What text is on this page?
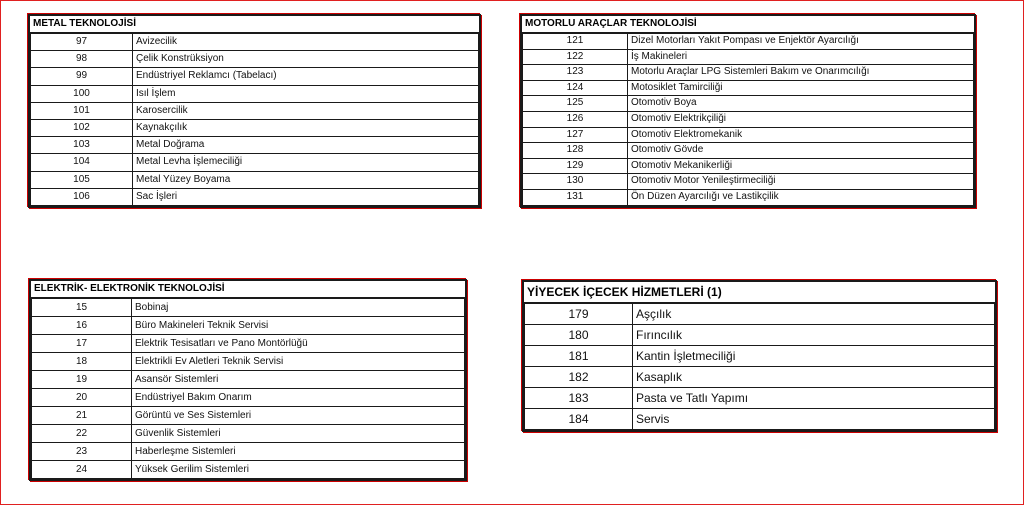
METAL TEKNOLOJİSİ
97	Avizecilik
98	Çelik Konstrüksiyon
99	Endüstriyel Reklamcı (Tabelacı)
100	Isıl İşlem
101	Karosercilik
102	Kaynakçılık
103	Metal Doğrama
104	Metal Levha İşlemeciliği
105	Metal Yüzey Boyama
106	Sac İşleri
MOTORLU ARAÇLAR TEKNOLOJİSİ
121	Dizel Motorları Yakıt Pompası ve Enjektör Ayarcılığı
122	İş Makineleri
123	Motorlu Araçlar LPG Sistemleri Bakım ve Onarımcılığı
124	Motosiklet Tamirciliği
125	Otomotiv Boya
126	Otomotiv Elektrikçiliği
127	Otomotiv Elektromekanik
128	Otomotiv Gövde
129	Otomotiv Mekanikerliği
130	Otomotiv Motor Yenileştirmeciliği
131	Ön Düzen Ayarcılığı ve Lastikçilik
ELEKTRİK- ELEKTRONİK TEKNOLOJİSİ
15	Bobinaj
16	Büro Makineleri Teknik Servisi
17	Elektrik Tesisatları ve Pano Montörlüğü
18	Elektrikli Ev Aletleri Teknik Servisi
19	Asansör Sistemleri
20	Endüstriyel Bakım Onarım
21	Görüntü ve Ses Sistemleri
22	Güvenlik Sistemleri
23	Haberleşme Sistemleri
24	Yüksek Gerilim Sistemleri
YİYECEK İÇECEK HİZMETLERİ (1)
179	Aşçılık
180	Fırıncılık
181	Kantin İşletmeciliği
182	Kasaplık
183	Pasta ve Tatlı Yapımı
184	Servis
